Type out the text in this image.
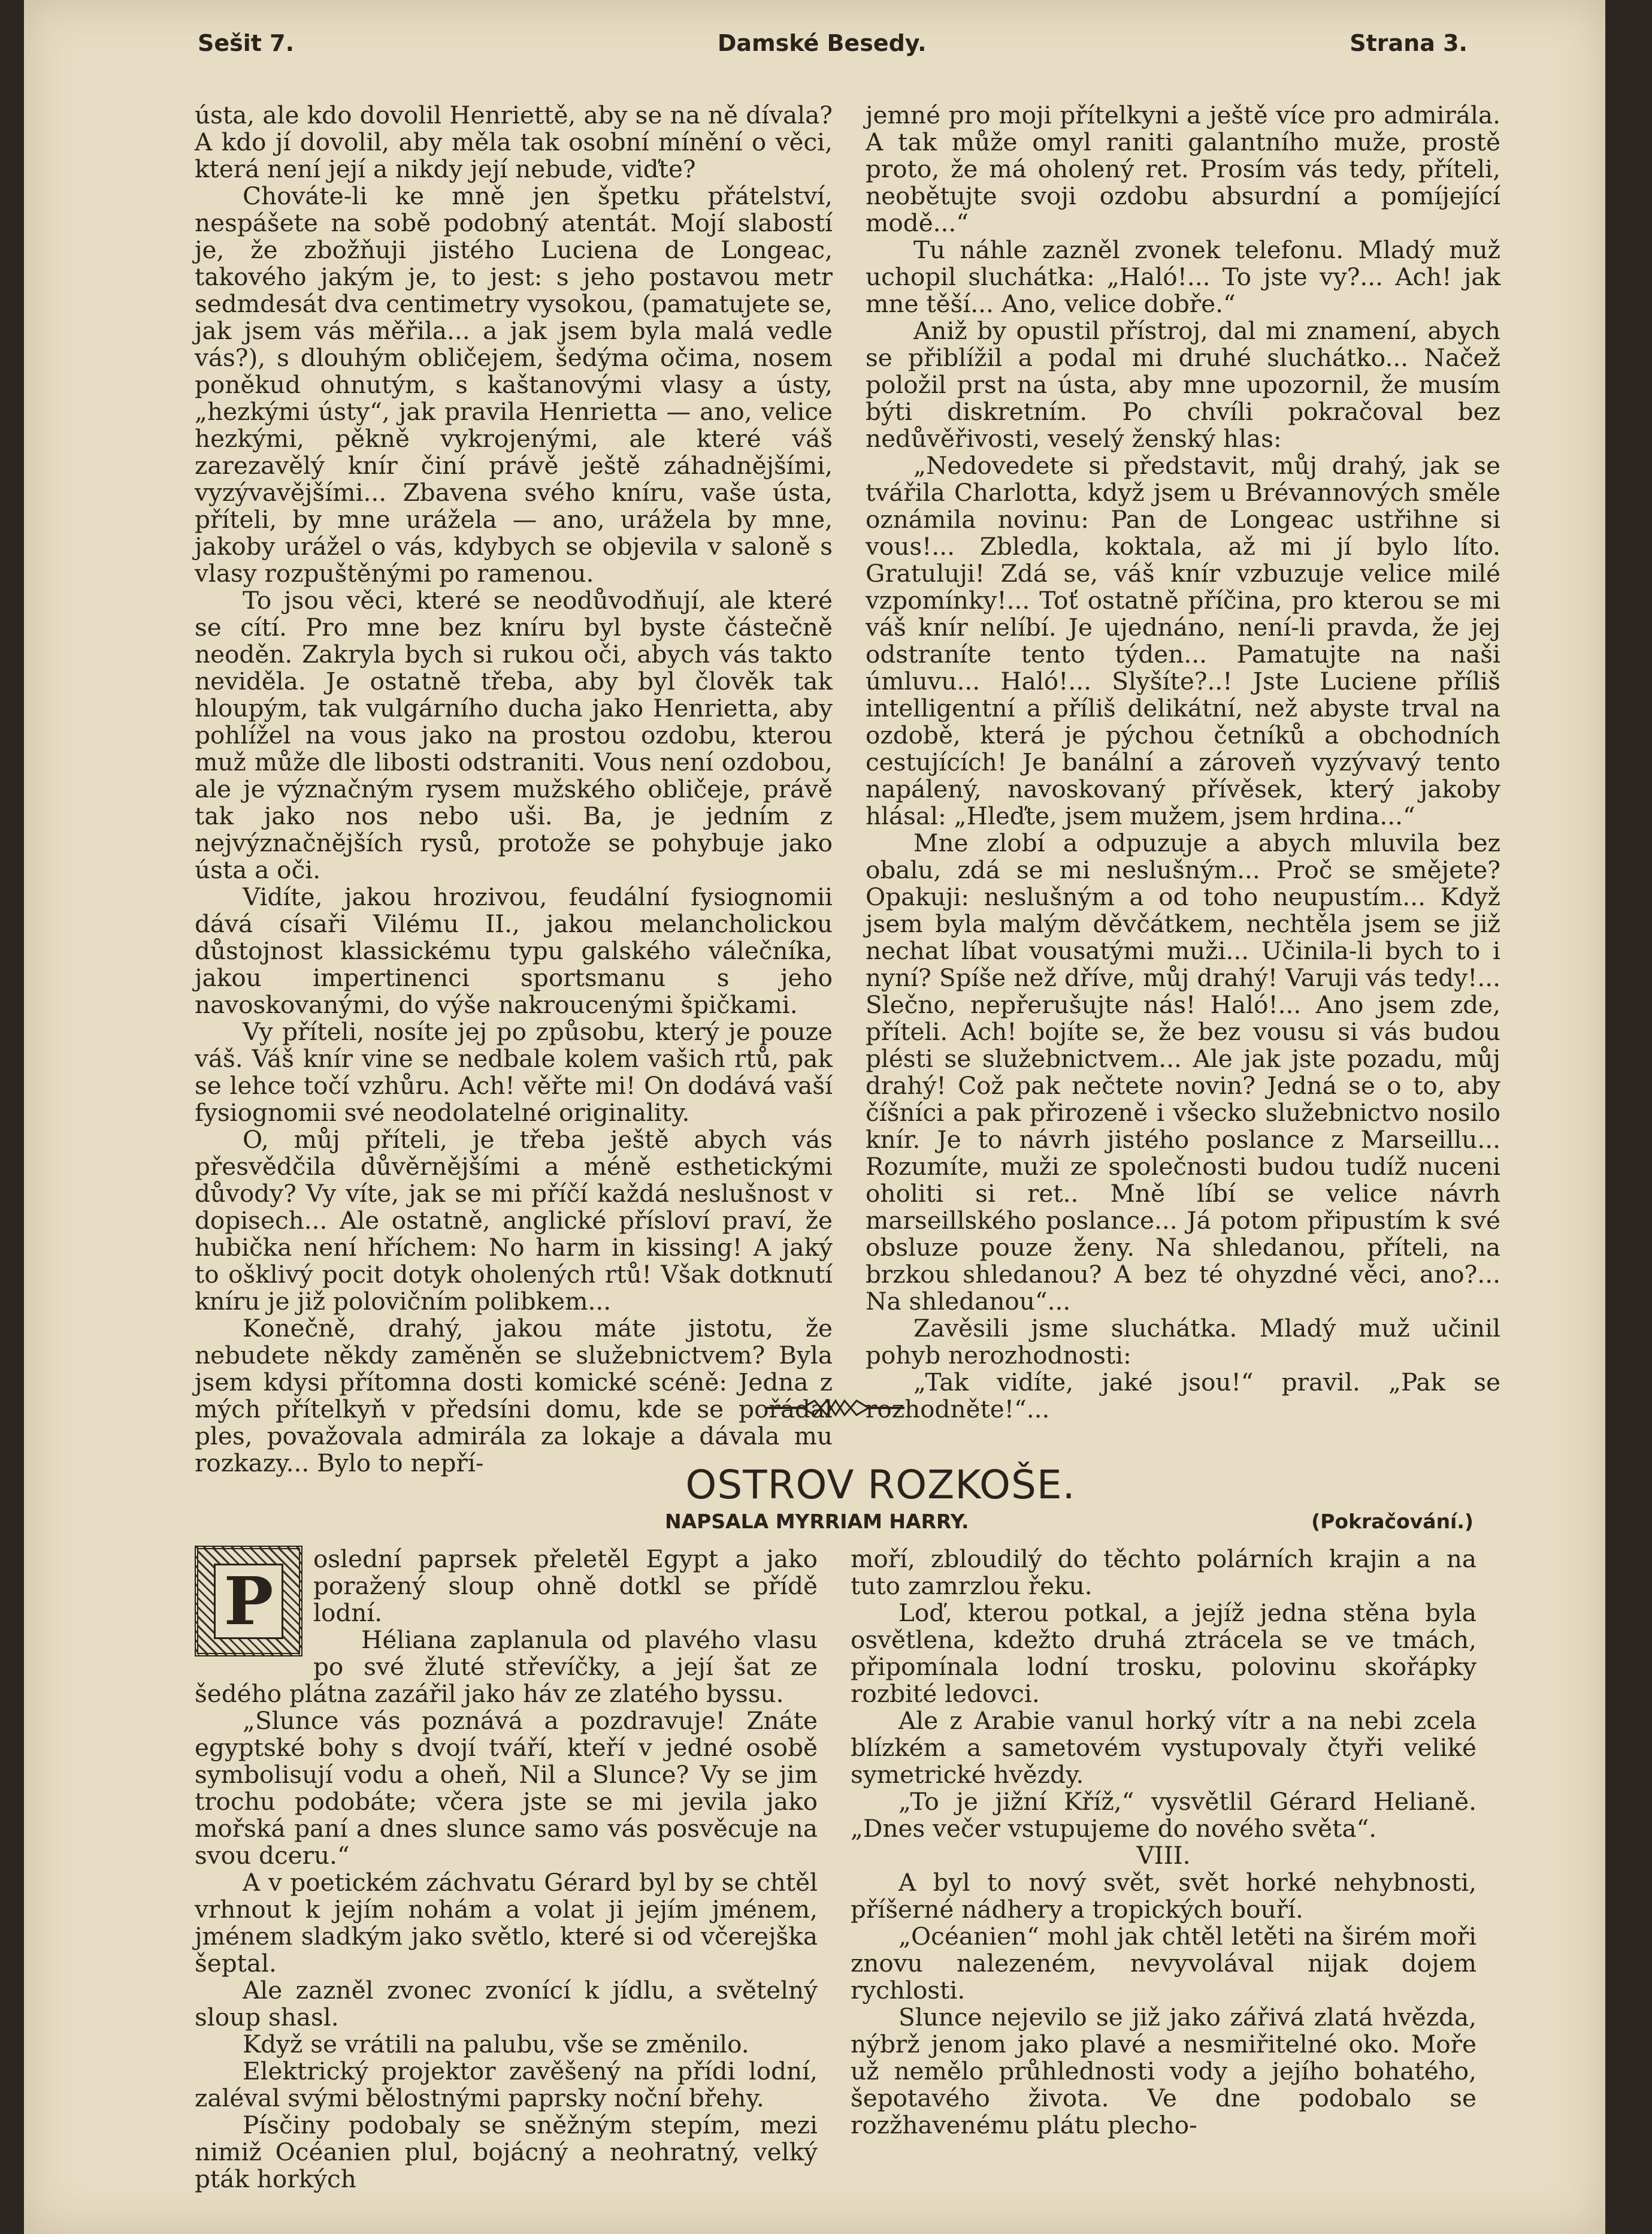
Sešit 7.	Damské Besedy.	Strana 3.

ústa, ale kdo dovolil Henriettě, aby se na ně dívala? A kdo jí dovolil, aby měla tak osobní mínění o věci, která není její a nikdy její nebude, viďte?

Chováte-li ke mně jen špetku přátelství, nespášete na sobě podobný atentát. Mojí slabostí je, že zbožňuji jistého Luciena de Longeac, takového jakým je, to jest: s jeho postavou metr sedmdesát dva centimetry vysokou, (pamatujete se, jak jsem vás měřila... a jak jsem byla malá vedle vás?), s dlouhým obličejem, šedýma očima, nosem poněkud ohnutým, s kaštanovými vlasy a ústy, „hezkými ústy“, jak pravila Henrietta — ano, velice hezkými, pěkně vykrojenými, ale které váš zarezavělý knír činí právě ještě záhadnějšími, vyzývavějšími... Zbavena svého kníru, vaše ústa, příteli, by mne urážela — ano, urážela by mne, jakoby urážel o vás, kdybych se objevila v saloně s vlasy rozpuštěnými po ramenou.

To jsou věci, které se neodůvodňují, ale které se cítí. Pro mne bez kníru byl byste částečně neoděn. Zakryla bych si rukou oči, abych vás takto neviděla. Je ostatně třeba, aby byl člověk tak hloupým, tak vulgárního ducha jako Henrietta, aby pohlížel na vous jako na prostou ozdobu, kterou muž může dle libosti odstraniti. Vous není ozdobou, ale je význačným rysem mužského obličeje, právě tak jako nos nebo uši. Ba, je jedním z nejvýznačnějších rysů, protože se pohybuje jako ústa a oči.

Vidíte, jakou hrozivou, feudální fysiognomii dává císaři Vilému II., jakou melancholickou důstojnost klassickému typu galského válečníka, jakou impertinenci sportsmanu s jeho navoskovanými, do výše nakroucenými špičkami.

Vy příteli, nosíte jej po způsobu, který je pouze váš. Váš knír vine se nedbale kolem vašich rtů, pak se lehce točí vzhůru. Ach! věřte mi! On dodává vaší fysiognomii své neodolatelné originality.

O, můj příteli, je třeba ještě abych vás přesvědčila důvěrnějšími a méně esthetickými důvody? Vy víte, jak se mi příčí každá neslušnost v dopisech... Ale ostatně, anglické přísloví praví, že hubička není hříchem: No harm in kissing! A jaký to ošklivý pocit dotyk oholených rtů! Však dotknutí kníru je již polovičním polibkem...

Konečně, drahý, jakou máte jistotu, že nebudete někdy zaměněn se služebnictvem? Byla jsem kdysi přítomna dosti komické scéně: Jedna z mých přítelkyň v předsíni domu, kde se pořádal ples, považovala admirála za lokaje a dávala mu rozkazy... Bylo to nepří-

jemné pro moji přítelkyni a ještě více pro admirála. A tak může omyl raniti galantního muže, prostě proto, že má oholený ret. Prosím vás tedy, příteli, neobětujte svoji ozdobu absurdní a pomíjející modě...“

Tu náhle zazněl zvonek telefonu. Mladý muž uchopil sluchátka: „Haló!... To jste vy?... Ach! jak mne těší... Ano, velice dobře.“

Aniž by opustil přístroj, dal mi znamení, abych se přiblížil a podal mi druhé sluchátko... Načež položil prst na ústa, aby mne upozornil, že musím býti diskretním. Po chvíli pokračoval bez nedůvěřivosti, veselý ženský hlas:

„Nedovedete si představit, můj drahý, jak se tvářila Charlotta, když jsem u Brévannových směle oznámila novinu: Pan de Longeac ustřihne si vous!... Zbledla, koktala, až mi jí bylo líto. Gratuluji! Zdá se, váš knír vzbuzuje velice milé vzpomínky!... Toť ostatně příčina, pro kterou se mi váš knír nelíbí. Je ujednáno, není-li pravda, že jej odstraníte tento týden... Pamatujte na naši úmluvu... Haló!... Slyšíte?..! Jste Luciene příliš intelligentní a příliš delikátní, než abyste trval na ozdobě, která je pýchou četníků a obchodních cestujících! Je banální a zároveň vyzývavý tento napálený, navoskovaný přívěsek, který jakoby hlásal: „Hleďte, jsem mužem, jsem hrdina...“

Mne zlobí a odpuzuje a abych mluvila bez obalu, zdá se mi neslušným... Proč se smějete? Opakuji: neslušným a od toho neupustím... Když jsem byla malým děvčátkem, nechtěla jsem se již nechat líbat vousatými muži... Učinila-li bych to i nyní? Spíše než dříve, můj drahý! Varuji vás tedy!... Slečno, nepřerušujte nás! Haló!... Ano jsem zde, příteli. Ach! bojíte se, že bez vousu si vás budou plésti se služebnictvem... Ale jak jste pozadu, můj drahý! Což pak nečtete novin? Jedná se o to, aby číšníci a pak přirozeně i všecko služebnictvo nosilo knír. Je to návrh jistého poslance z Marseillu... Rozumíte, muži ze společnosti budou tudíž nuceni oholiti si ret.. Mně líbí se velice návrh marseillského poslance... Já potom připustím k své obsluze pouze ženy. Na shledanou, příteli, na brzkou shledanou? A bez té ohyzdné věci, ano?... Na shledanou“...

Zavěsili jsme sluchátka. Mladý muž učinil pohyb nerozhodnosti:

„Tak vidíte, jaké jsou!“ pravil. „Pak se rozhodněte!“...

OSTROV ROZKOŠE.
NAPSALA MYRRIAM HARRY.	(Pokračování.)
P

oslední paprsek přeletěl Egypt a jako poražený sloup ohně dotkl se přídě lodní.

Héliana zaplanula od plavého vlasu po své žluté střevíčky, a její šat ze šedého plátna zazářil jako háv ze zlatého byssu.

„Slunce vás poznává a pozdravuje! Znáte egyptské bohy s dvojí tváří, kteří v jedné osobě symbolisují vodu a oheň, Nil a Slunce? Vy se jim trochu podobáte; včera jste se mi jevila jako mořská paní a dnes slunce samo vás posvěcuje na svou dceru.“

A v poetickém záchvatu Gérard byl by se chtěl vrhnout k jejím nohám a volat ji jejím jménem, jménem sladkým jako světlo, které si od včerejška šeptal.

Ale zazněl zvonec zvonící k jídlu, a světelný sloup shasl.

Když se vrátili na palubu, vše se změnilo.

Elektrický projektor zavěšený na přídi lodní, zaléval svými bělostnými paprsky noční břehy.

Písčiny podobaly se sněžným stepím, mezi nimiž Océanien plul, bojácný a neohratný, velký pták horkých

moří, zbloudilý do těchto polárních krajin a na tuto zamrzlou řeku.

Loď, kterou potkal, a jejíž jedna stěna byla osvětlena, kdežto druhá ztrácela se ve tmách, připomínala lodní trosku, polovinu skořápky rozbité ledovci.

Ale z Arabie vanul horký vítr a na nebi zcela blízkém a sametovém vystupovaly čtyři veliké symetrické hvězdy.

„To je jižní Kříž,“ vysvětlil Gérard Helianě. „Dnes večer vstupujeme do nového světa“.

VIII.

A byl to nový svět, svět horké nehybnosti, příšerné nádhery a tropických bouří.

„Océanien“ mohl jak chtěl letěti na širém moři znovu nalezeném, nevyvolával nijak dojem rychlosti.

Slunce nejevilo se již jako zářivá zlatá hvězda, nýbrž jenom jako plavé a nesmiřitelné oko. Moře už nemělo průhlednosti vody a jejího bohatého, šepotavého života. Ve dne podobalo se rozžhavenému plátu plecho-
